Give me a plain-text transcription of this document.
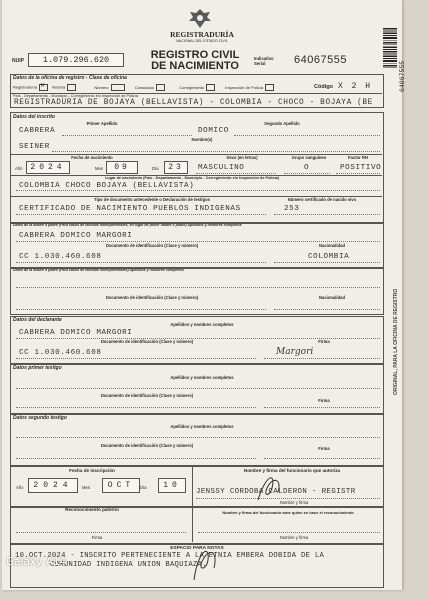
REGISTRADURÍA
NACIONAL DEL ESTADO CIVIL
NUIP	1.079.296.620	REGISTRO CIVIL
DE NACIMIENTO
Indicativo Serial	64067555
64067555
Datos de la oficina de registro - Clase de oficina
Registraduría ✕ Notaría	Número	Consulado	Corregimiento	Inspección de Policía	Código X 2 H
País - Departamento - Municipio - Corregimiento e/o Inspección de Policía
REGISTRADURIA DE BOJAYA (BELLAVISTA) - COLOMBIA - CHOCO - BOJAYA (BE
Datos del inscrito
Primer Apellido	Segundo Apellido
CABRERA	DOMICO
Nombre(s)
SEINER
Fecha de nacimiento	Sexo (en letras)	Grupo sanguíneo	Factor RH
Año 2024	Mes	09	Día	23	MASCULINO	O	POSITIVO
Lugar de nacimiento (País - Departamento - Municipio - Corregimiento e/o Inspección de Policía)
COLOMBIA CHOCO BOJAYA (BELLAVISTA)
Tipo de documento antecedente o Declaración de testigos	Número certificado de nacido vivo
CERTIFICADO DE NACIMIENTO PUEBLOS INDIGENAS	253
Datos de la madre o padre (Para casos de familias homoparentales, en lugar de poner madre o padre) Apellidos y nombres completos
CABRERA DOMICO MARGORI
Documento de identificación (Clase y número)	Nacionalidad
CC 1.030.460.608	COLOMBIA
Datos de la madre o padre (Para casos de familias homoparentales) Apellidos y nombres completos
Documento de identificación (Clase y número)	Nacionalidad
Datos del declarante
Apellidos y nombres completos
CABRERA DOMICO MARGORI
Documento de identificación (Clase y número)	Firma
CC 1.030.460.608	Margori
Datos primer testigo
Apellidos y nombres completos
Documento de identificación (Clase y número)
Firma
Datos segundo testigo
Apellidos y nombres completos
Documento de identificación (Clase y número)
Firma
Fecha de inscripción
Año	2024	Mes	OCT	Día	10
Nombre y firma del funcionario que autoriza
JENSSY CORDOBA CALDERON - REGISTR
Nombre y firma
Reconocimiento paterno
Firma
Nombre y firma del funcionario ante quien se hace el reconocimiento
Nombre y firma
ESPACIO PARA NOTAS
10.OCT.2024 - INSCRITO PERTENECIENTE A LA ETNIA EMBERA DOBIDA DE LA
COMUNIDAD INDIGENA UNION BAQUIAZA.
ORIGINAL, PARA LA OFICINA DE REGISTRO
Galaxy A14
